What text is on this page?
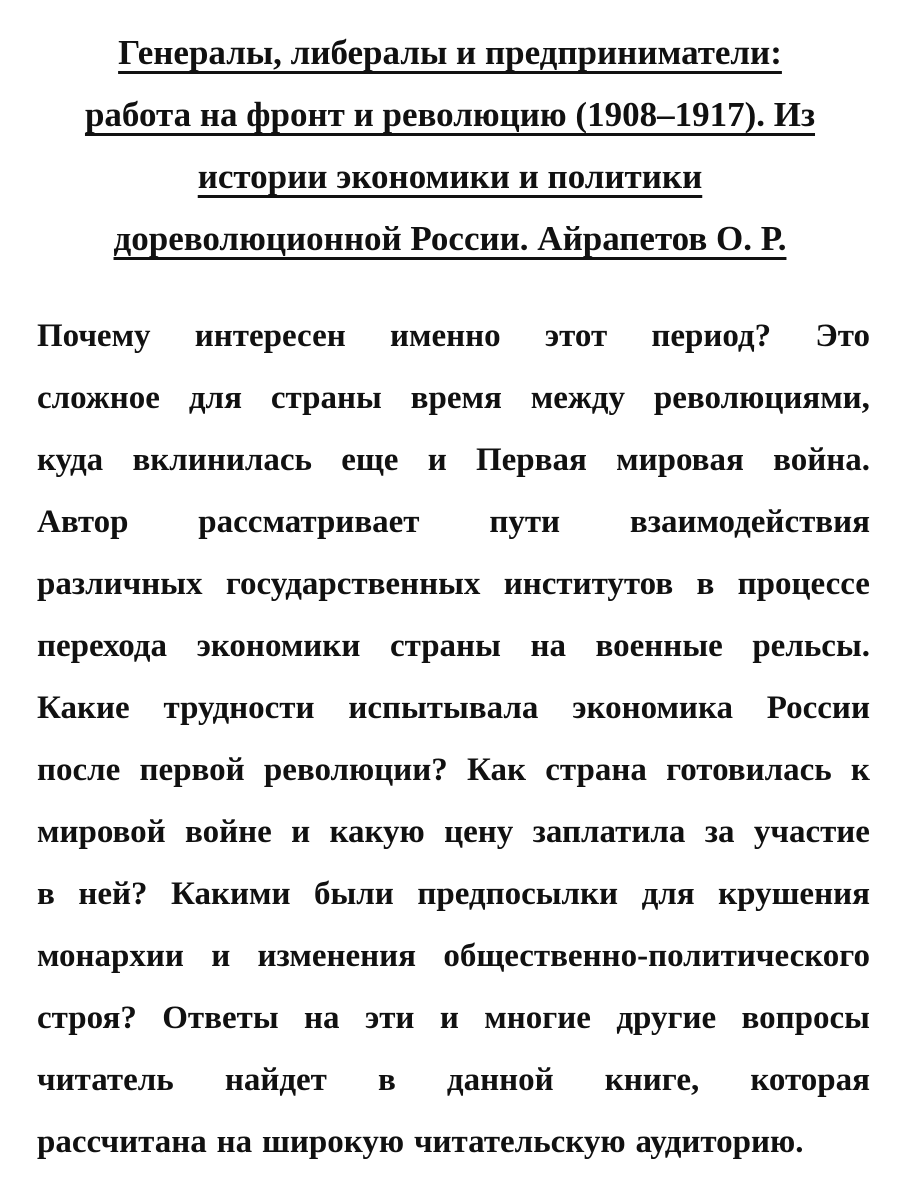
Генералы, либералы и предприниматели:
работа на фронт и революцию (1908–1917). Из
истории экономики и политики
дореволюционной России. Айрапетов О. Р.
Почему интересен именно этот период? Это
сложное для страны время между революциями,
куда вклинилась еще и Первая мировая война.
Автор рассматривает пути взаимодействия
различных государственных институтов в процессе
перехода экономики страны на военные рельсы.
Какие трудности испытывала экономика России
после первой революции? Как страна готовилась к
мировой войне и какую цену заплатила за участие
в ней? Какими были предпосылки для крушения
монархии и изменения общественно-политического
строя? Ответы на эти и многие другие вопросы
читатель найдет в данной книге, которая
рассчитана на широкую читательскую аудиторию.
